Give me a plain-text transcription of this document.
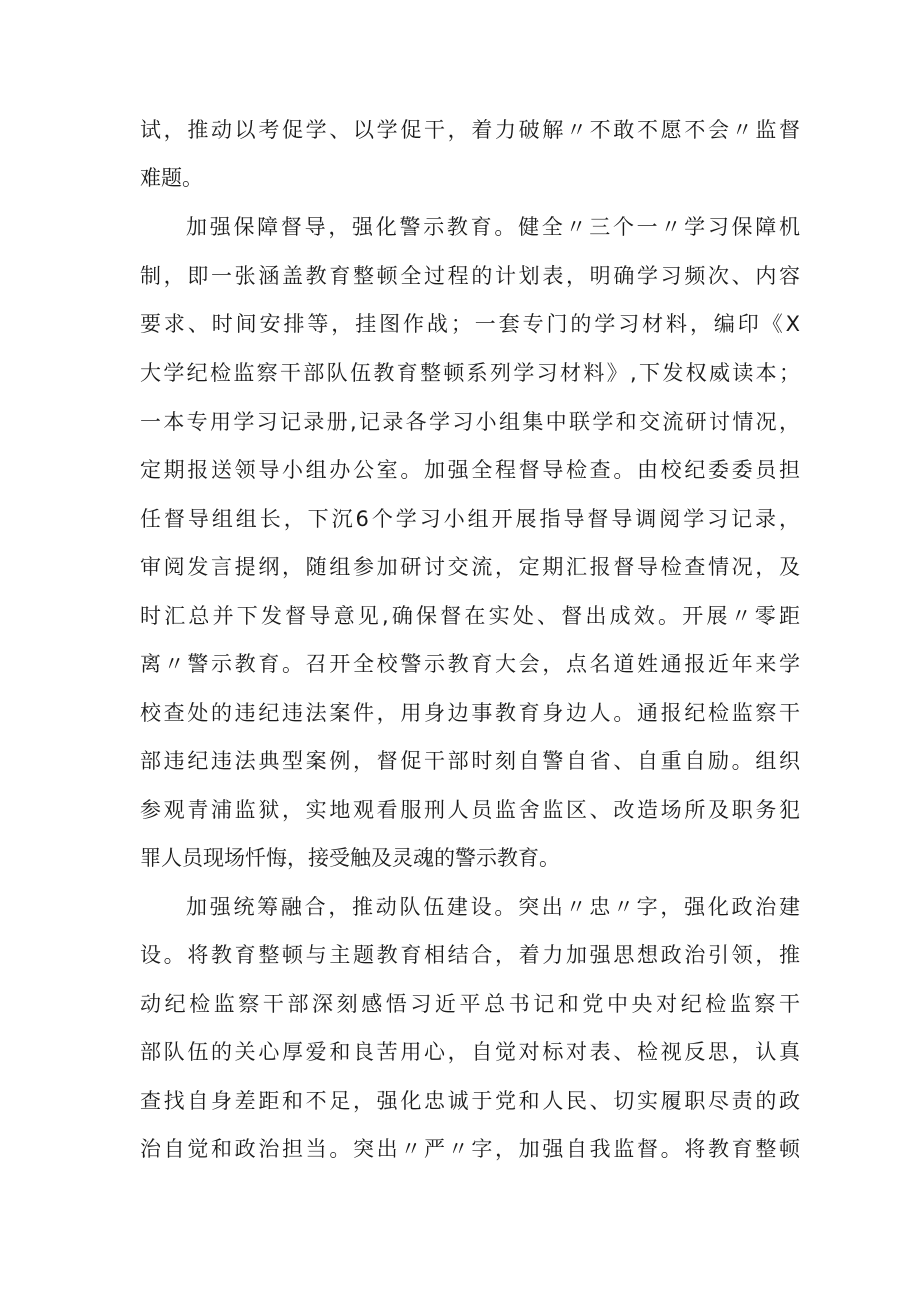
试，推动以考促学、以学促干，着力破解〃不敢不愿不会〃监督
难题。
加强保障督导，强化警示教育。健全〃三个一〃学习保障机
制，即一张涵盖教育整顿全过程的计划表，明确学习频次、内容
要求、时间安排等，挂图作战；一套专门的学习材料，编印《X
大学纪检监察干部队伍教育整顿系列学习材料》,下发权威读本；
一本专用学习记录册,记录各学习小组集中联学和交流研讨情况，
定期报送领导小组办公室。加强全程督导检查。由校纪委委员担
任督导组组长，下沉6个学习小组开展指导督导调阅学习记录，
审阅发言提纲，随组参加研讨交流，定期汇报督导检查情况，及
时汇总并下发督导意见,确保督在实处、督出成效。开展〃零距
离〃警示教育。召开全校警示教育大会，点名道姓通报近年来学
校查处的违纪违法案件，用身边事教育身边人。通报纪检监察干
部违纪违法典型案例，督促干部时刻自警自省、自重自励。组织
参观青浦监狱，实地观看服刑人员监舍监区、改造场所及职务犯
罪人员现场忏悔，接受触及灵魂的警示教育。
加强统筹融合，推动队伍建设。突出〃忠〃字，强化政治建
设。将教育整顿与主题教育相结合，着力加强思想政治引领，推
动纪检监察干部深刻感悟习近平总书记和党中央对纪检监察干
部队伍的关心厚爱和良苦用心，自觉对标对表、检视反思，认真
查找自身差距和不足，强化忠诚于党和人民、切实履职尽责的政
治自觉和政治担当。突出〃严〃字，加强自我监督。将教育整顿
